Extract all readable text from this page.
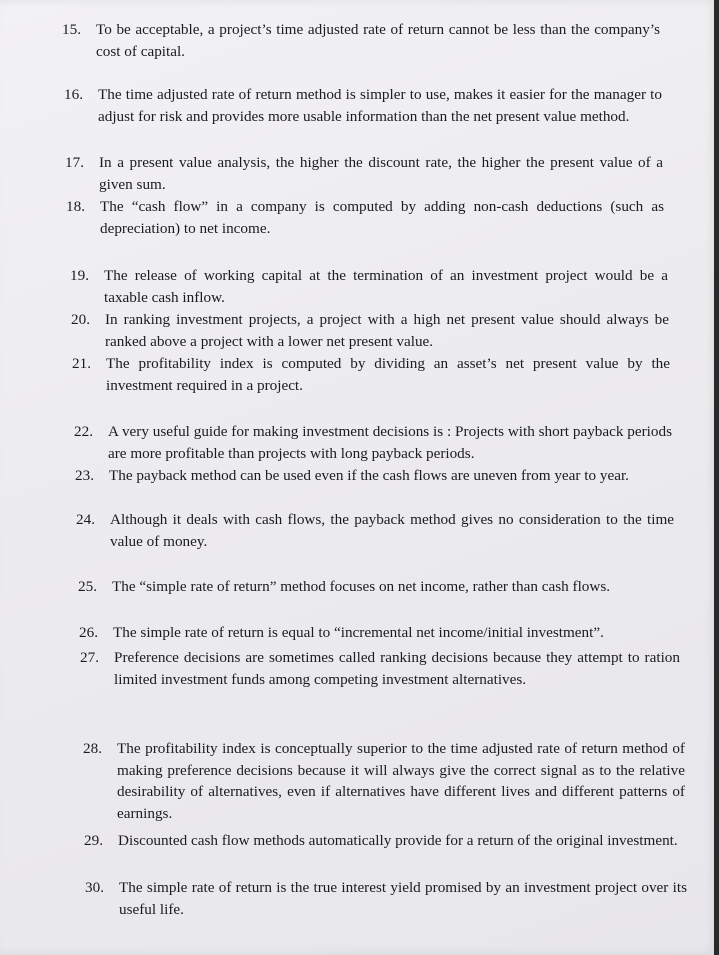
15. To be acceptable, a project’s time adjusted rate of return cannot be less than the company’s cost of capital.
16. The time adjusted rate of return method is simpler to use, makes it easier for the manager to adjust for risk and provides more usable information than the net present value method.
17. In a present value analysis, the higher the discount rate, the higher the present value of a given sum.
18. The “cash flow” in a company is computed by adding non-cash deductions (such as depreciation) to net income.
19. The release of working capital at the termination of an investment project would be a taxable cash inflow.
20. In ranking investment projects, a project with a high net present value should always be ranked above a project with a lower net present value.
21. The profitability index is computed by dividing an asset’s net present value by the investment required in a project.
22. A very useful guide for making investment decisions is : Projects with short payback periods are more profitable than projects with long payback periods.
23. The payback method can be used even if the cash flows are uneven from year to year.
24. Although it deals with cash flows, the payback method gives no consideration to the time value of money.
25. The “simple rate of return” method focuses on net income, rather than cash flows.
26. The simple rate of return is equal to “incremental net income/initial investment”.
27. Preference decisions are sometimes called ranking decisions because they attempt to ration limited investment funds among competing investment alternatives.
28. The profitability index is conceptually superior to the time adjusted rate of return method of making preference decisions because it will always give the correct signal as to the relative desirability of alternatives, even if alternatives have different lives and different patterns of earnings.
29. Discounted cash flow methods automatically provide for a return of the original investment.
30. The simple rate of return is the true interest yield promised by an investment project over its useful life.
